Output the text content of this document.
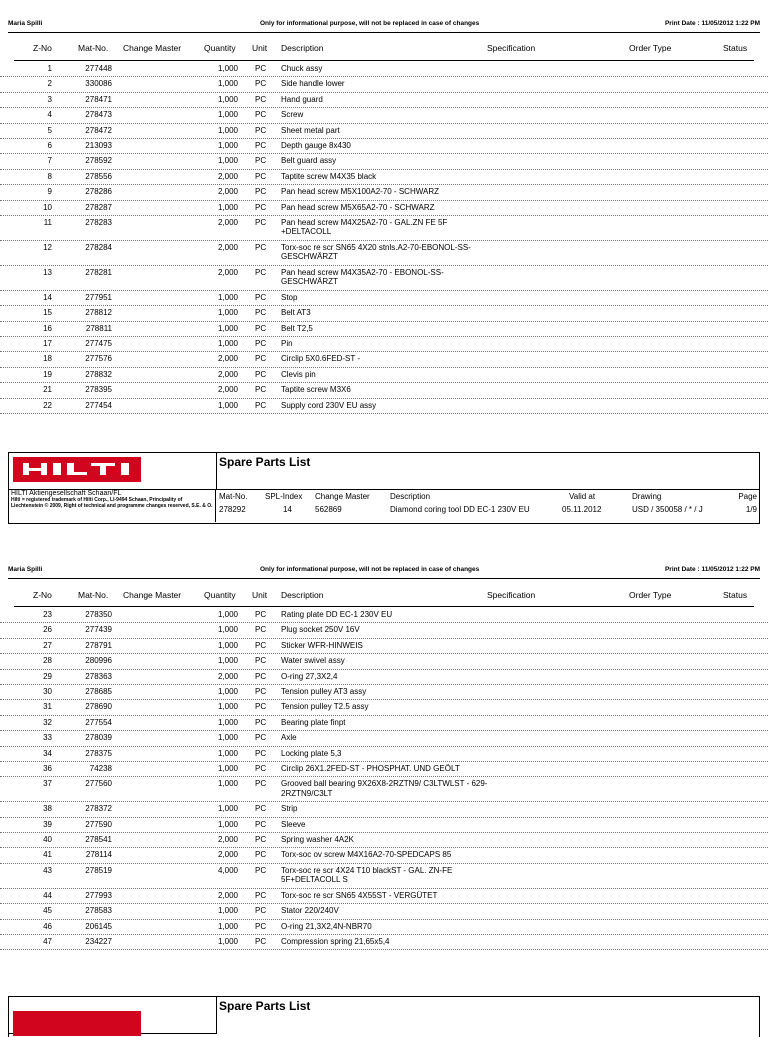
Maria Spilli	Only for informational purpose, will not be replaced in case of changes	Print Date : 11/05/2012 1:22 PM
Z-No	Mat-No. Change Master	Quantity Unit Description	Specification	Order Type	Status
1	277448	1,000 PC Chuck assy
2	330086	1,000 PC Side handle lower
3	278471	1,000 PC Hand guard
4	278473	1,000 PC Screw
5	278472	1,000 PC Sheet metal part
6	213093	1,000 PC Depth gauge 8x430
7	278592	1,000 PC Belt guard assy
8	278556	2,000 PC Taptite screw M4X35 black
9	278286	2,000 PC Pan head screw M5X100A2-70 - SCHWARZ
10	278287	1,000 PC Pan head screw M5X65A2-70 - SCHWARZ
11	278283	2,000 PC Pan head screw M4X25A2-70 - GAL.ZN FE 5F +DELTACOLL
12	278284	2,000 PC Torx-soc re scr SN65 4X20 stnls.A2-70-EBONOL-SS-GESCHWÄRZT
13	278281	2,000 PC Pan head screw M4X35A2-70 - EBONOL-SS-GESCHWÄRZT
14	277951	1,000 PC Stop
15	278812	1,000 PC Belt AT3
16	278811	1,000 PC Belt T2,5
17	277475	1,000 PC Pin
18	277576	2,000 PC Circlip 5X0.6FED-ST -
19	278832	2,000 PC Clevis pin
21	278395	2,000 PC Taptite screw M3X6
22	277454	1,000 PC Supply cord 230V EU assy
HILTI Aktiengesellschaft Schaan/FL
Hilti = registered trademark of Hilti Corp., LI-9494 Schaan, Principality of Liechtenstein © 2009, Right of technical and programme changes reserved, S.E. & O.
Spare Parts List
Mat-No. SPL-Index Change Master	Description	Valid at	Drawing	Page
278292	14	562869	Diamond coring tool DD EC-1 230V EU	05.11.2012	USD / 350058 / * / J	1/9
Maria Spilli	Only for informational purpose, will not be replaced in case of changes	Print Date : 11/05/2012 1:22 PM
Z-No	Mat-No. Change Master	Quantity Unit Description	Specification	Order Type	Status
23	278350	1,000 PC Rating plate DD EC-1 230V EU
26	277439	1,000 PC Plug socket 250V 16V
27	278791	1,000 PC Sticker WFR-HINWEIS
28	280996	1,000 PC Water swivel assy
29	278363	2,000 PC O-ring 27,3X2,4
30	278685	1,000 PC Tension pulley AT3 assy
31	278690	1,000 PC Tension pulley T2.5 assy
32	277554	1,000 PC Bearing plate finpt
33	278039	1,000 PC Axle
34	278375	1,000 PC Locking plate 5,3
36	74238	1,000 PC Circlip 26X1.2FED-ST - PHOSPHAT. UND GEÖLT
37	277560	1,000 PC Grooved ball bearing 9X26X8-2RZTN9/ C3LTWLST - 629-2RZTN9/C3LT
38	278372	1,000 PC Strip
39	277590	1,000 PC Sleeve
40	278541	2,000 PC Spring washer 4A2K
41	278114	2,000 PC Torx-soc ov screw M4X16A2-70-SPEDCAPS 85
43	278519	4,000 PC Torx-soc re scr 4X24 T10 blackST - GAL. ZN-FE 5F+DELTACOLL S
44	277993	2,000 PC Torx-soc re scr SN65 4X55ST - VERGÜTET
45	278583	1,000 PC Stator 220/240V
46	206145	1,000 PC O-ring 21,3X2,4N-NBR70
47	234227	1,000 PC Compression spring 21,65x5,4
Spare Parts List
